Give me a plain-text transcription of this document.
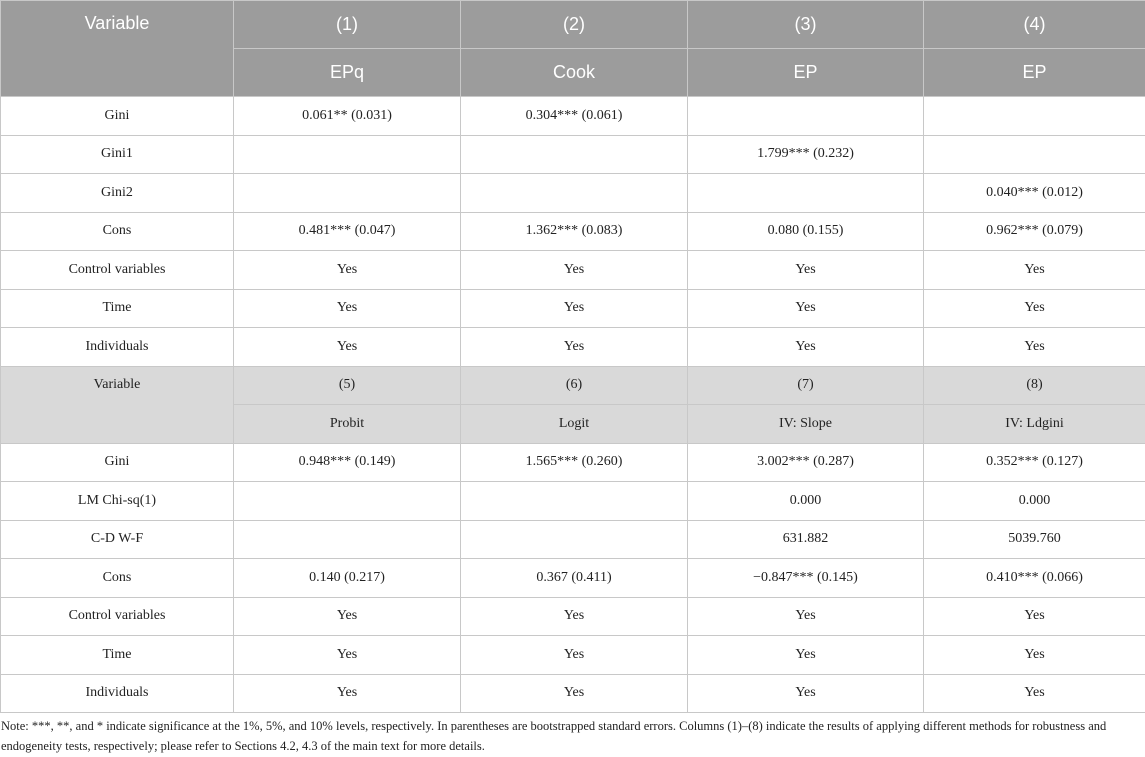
Variable	(1)	(2)	(3)	(4)
	EPq	Cook	EP	EP
Gini	0.061** (0.031)	0.304*** (0.061)		
Gini1			1.799*** (0.232)	
Gini2				0.040*** (0.012)
Cons	0.481*** (0.047)	1.362*** (0.083)	0.080 (0.155)	0.962*** (0.079)
Control variables	Yes	Yes	Yes	Yes
Time	Yes	Yes	Yes	Yes
Individuals	Yes	Yes	Yes	Yes
Variable	(5)	(6)	(7)	(8)
	Probit	Logit	IV: Slope	IV: Ldgini
Gini	0.948*** (0.149)	1.565*** (0.260)	3.002*** (0.287)	0.352*** (0.127)
LM Chi-sq(1)			0.000	0.000
C-D W-F			631.882	5039.760
Cons	0.140 (0.217)	0.367 (0.411)	−0.847*** (0.145)	0.410*** (0.066)
Control variables	Yes	Yes	Yes	Yes
Time	Yes	Yes	Yes	Yes
Individuals	Yes	Yes	Yes	Yes
Note: ***, **, and * indicate significance at the 1%, 5%, and 10% levels, respectively. In parentheses are bootstrapped standard errors. Columns (1)–(8) indicate the results of applying different methods for robustness and endogeneity tests, respectively; please refer to Sections 4.2, 4.3 of the main text for more details.
